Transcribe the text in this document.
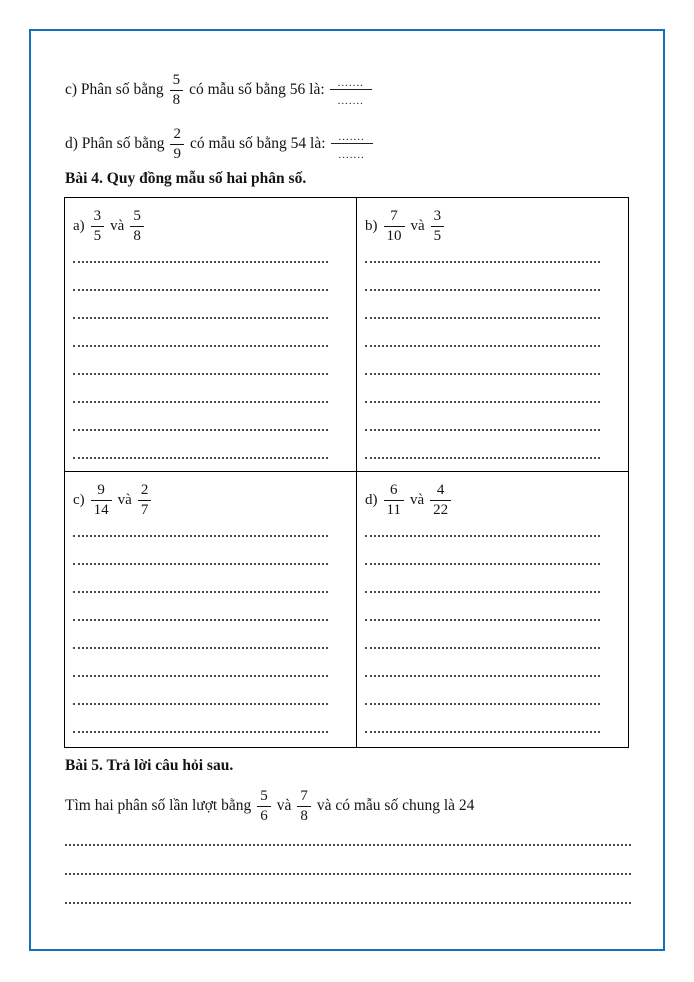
c) Phân số bằng $\frac{5}{8}$ có mẫu số bằng 56 là: $\frac{.......}{.......}$
d) Phân số bằng $\frac{2}{9}$ có mẫu số bằng 54 là: $\frac{.......}{.......}$
Bài 4. Quy đồng mẫu số hai phân số.
$a) \frac{3}{5}$ và $\frac{5}{8}$	$b) \frac{7}{10}$ và $\frac{3}{5}$
$c) \frac{9}{14}$ và $\frac{2}{7}$	$d) \frac{6}{11}$ và $\frac{4}{22}$
Bài 5. Trả lời câu hỏi sau.
Tìm hai phân số lần lượt bằng $\frac{5}{6}$ và $\frac{7}{8}$ và có mẫu số chung là 24
